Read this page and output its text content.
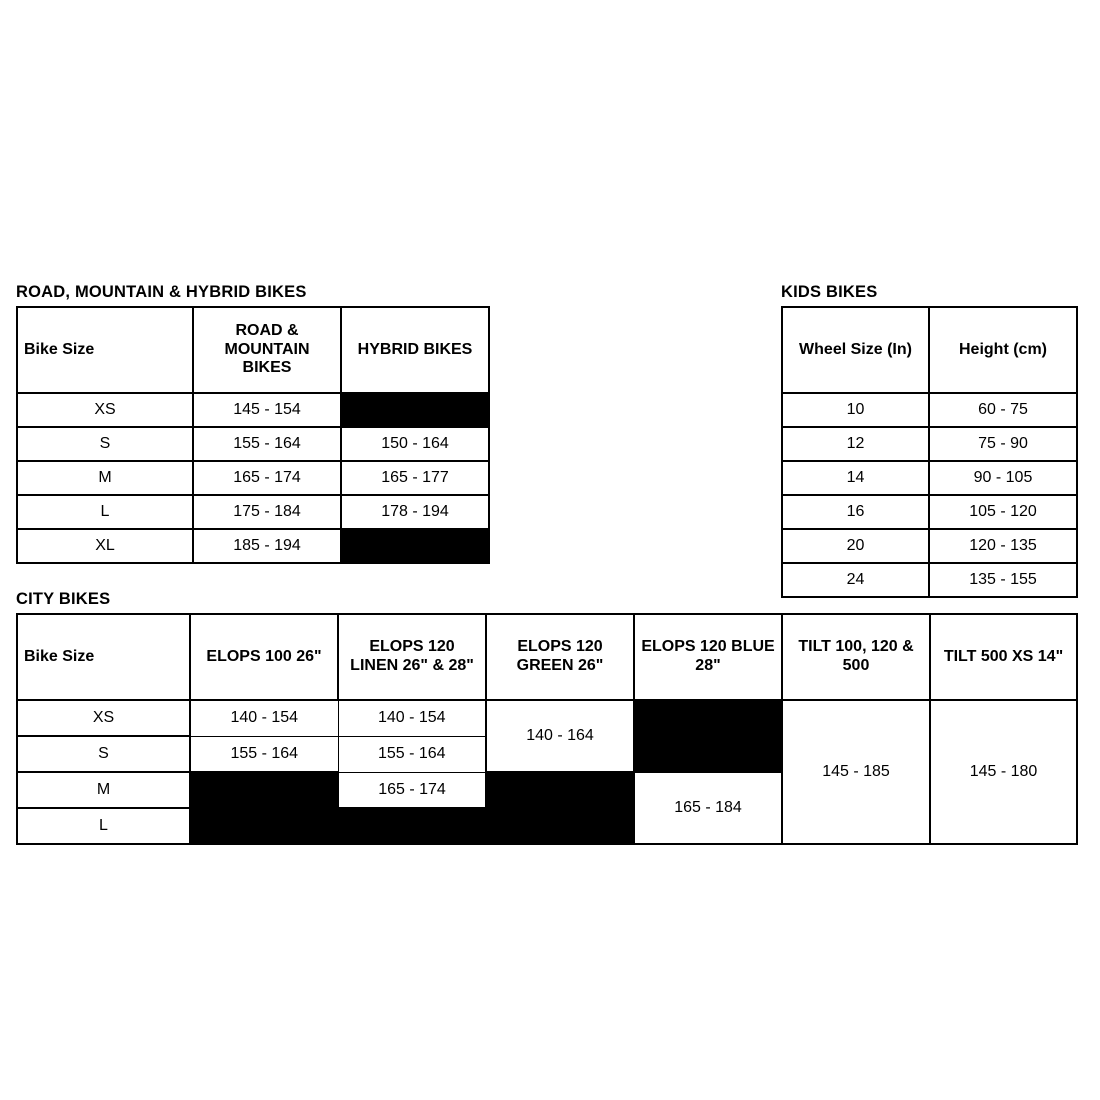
ROAD, MOUNTAIN & HYBRID BIKES
Bike Size	ROAD & MOUNTAIN BIKES	HYBRID BIKES
XS	145 - 154	
S	155 - 164	150 - 164
M	165 - 174	165 - 177
L	175 - 184	178 - 194
XL	185 - 194	
KIDS BIKES
Wheel Size (In)	Height (cm)
10	60 - 75
12	75 - 90
14	90 - 105
16	105 - 120
20	120 - 135
24	135 - 155
CITY BIKES
Bike Size	ELOPS 100 26"	ELOPS 120 LINEN 26" & 28"	ELOPS 120 GREEN 26"	ELOPS 120 BLUE 28"	TILT 100, 120 & 500	TILT 500 XS 14"
XS	140 - 154	140 - 154	140 - 164		145 - 185	145 - 180
S	155 - 164	155 - 164				
M		165 - 174		165 - 184		
L						
